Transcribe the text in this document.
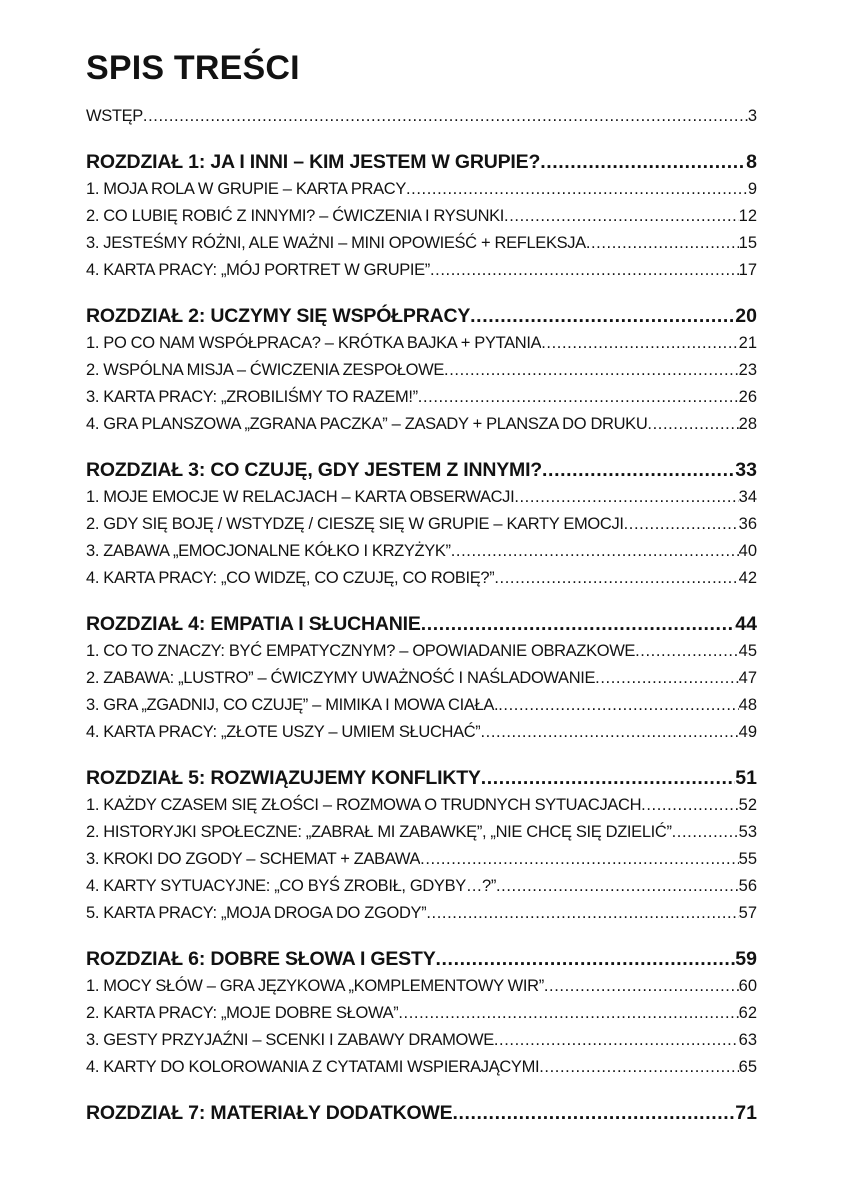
SPIS TREŚCI
WSTĘP .....	3
ROZDZIAŁ 1: JA I INNI – KIM JESTEM W GRUPIE? .....	8
1. MOJA ROLA W GRUPIE – KARTA PRACY .....	9
2. CO LUBIĘ ROBIĆ Z INNYMI? – ĆWICZENIA I RYSUNKI .....	12
3. JESTEŚMY RÓŻNI, ALE WAŻNI – MINI OPOWIEŚĆ + REFLEKSJA .....	15
4. KARTA PRACY: „MÓJ PORTRET W GRUPIE” .....	17
ROZDZIAŁ 2: UCZYMY SIĘ WSPÓŁPRACY .....	20
1. PO CO NAM WSPÓŁPRACA? – KRÓTKA BAJKA + PYTANIA .....	21
2. WSPÓLNA MISJA – ĆWICZENIA ZESPOŁOWE .....	23
3. KARTA PRACY: „ZROBILIŚMY TO RAZEM!” .....	26
4. GRA PLANSZOWA „ZGRANA PACZKA” – ZASADY + PLANSZA DO DRUKU .....	28
ROZDZIAŁ 3: CO CZUJĘ, GDY JESTEM Z INNYMI? .....	33
1. MOJE EMOCJE W RELACJACH – KARTA OBSERWACJI .....	34
2. GDY SIĘ BOJĘ / WSTYDZĘ / CIESZĘ SIĘ W GRUPIE – KARTY EMOCJI .....	36
3. ZABAWA „EMOCJONALNE KÓŁKO I KRZYŻYK” .....	40
4. KARTA PRACY: „CO WIDZĘ, CO CZUJĘ, CO ROBIĘ?” .....	42
ROZDZIAŁ 4: EMPATIA I SŁUCHANIE .....	44
1. CO TO ZNACZY: BYĆ EMPATYCZNYM? – OPOWIADANIE OBRAZKOWE .....	45
2. ZABAWA: „LUSTRO” – ĆWICZYMY UWAŻNOŚĆ I NAŚLADOWANIE .....	47
3. GRA „ZGADNIJ, CO CZUJĘ” – MIMIKA I MOWA CIAŁA. .....	48
4. KARTA PRACY: „ZŁOTE USZY – UMIEM SŁUCHAĆ” .....	49
ROZDZIAŁ 5: ROZWIĄZUJEMY KONFLIKTY .....	51
1. KAŻDY CZASEM SIĘ ZŁOŚCI – ROZMOWA O TRUDNYCH SYTUACJACH .....	52
2. HISTORYJKI SPOŁECZNE: „ZABRAŁ MI ZABAWKĘ”, „NIE CHCĘ SIĘ DZIELIĆ” .....	53
3. KROKI DO ZGODY – SCHEMAT + ZABAWA .....	55
4. KARTY SYTUACYJNE: „CO BYŚ ZROBIŁ, GDYBY…?” .....	56
5. KARTA PRACY: „MOJA DROGA DO ZGODY” .....	57
ROZDZIAŁ 6: DOBRE SŁOWA I GESTY .....	59
1. MOCY SŁÓW – GRA JĘZYKOWA „KOMPLEMENTOWY WIR” .....	60
2. KARTA PRACY: „MOJE DOBRE SŁOWA” .....	62
3. GESTY PRZYJAŹNI – SCENKI I ZABAWY DRAMOWE .....	63
4. KARTY DO KOLOROWANIA Z CYTATAMI WSPIERAJĄCYMI .....	65
ROZDZIAŁ 7: MATERIAŁY DODATKOWE .....	71
